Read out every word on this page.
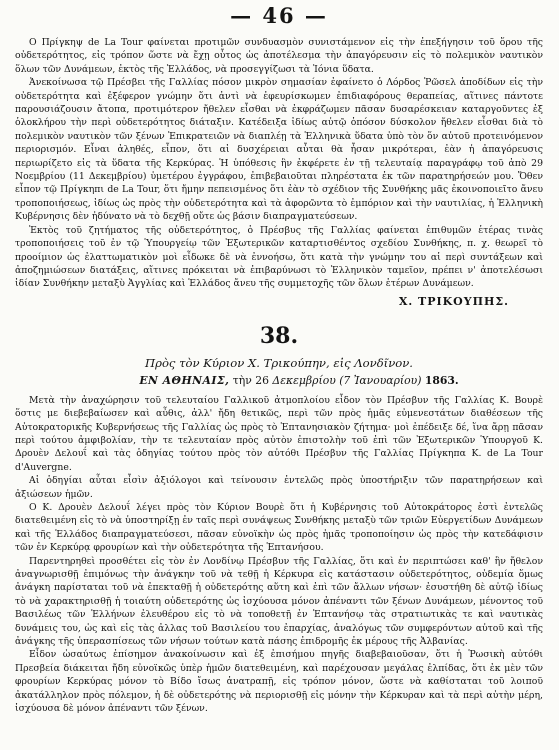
— 46 —

Ο Πρίγκηψ de La Tour φαίνεται προτιμῶν συνδυασμὸν συνιστάμενον εἰς τὴν ἐπεξήγησιν τοῦ ὅρου τῆς οὐδετερότητος, εἰς τρόπον ὥστε νὰ ἔχῃ οὗτος ὡς ἀποτέλεσμα τὴν ἀπαγόρευσιν εἰς τὸ πολεμικὸν ναυτικὸν ὅλων τῶν Δυνάμεων, ἐκτὸς τῆς Ἑλλάδος, νὰ προσεγγίζωσι τὰ Ἰόνια ὕδατα.

Ἀνεκοίνωσα τῷ Πρέσβει τῆς Γαλλίας πόσον μικρὸν σημασίαν ἐφαίνετο ὁ Λόρδος Ῥῶσελ ἀποδίδων εἰς τὴν οὐδετερότητα καὶ ἐξέφερον γνώμην ὅτι ἀντὶ νὰ ἐφευρίσκωμεν ἐπιδιαφόρους θεραπείας, αἵτινες πάντοτε παρουσιάζουσιν ἄτοπα, προτιμότερον ἤθελεν εἶσθαι νὰ ἐκφράζωμεν πᾶσαν δυσαρέσκειαν καταργοῦντες ἐξ ὁλοκλήρου τὴν περὶ οὐδετερότητος διάταξιν. Κατέδειξα ἰδίως αὐτῷ ὁπόσον δύσκολον ἤθελεν εἶσθαι διὰ τὸ πολεμικὸν ναυτικὸν τῶν ξένων Ἐπικρατειῶν νὰ διαπλέῃ τὰ Ἑλληνικὰ ὕδατα ὑπὸ τὸν ὅν αὐτοῦ προτεινόμενον περιορισμόν. Εἶναι ἀληθές, εἶπον, ὅτι αἱ δυσχέρειαι αὗται θὰ ἦσαν μικρότεραι, ἐὰν ἡ ἀπαγόρευσις περιωρίζετο εἰς τὰ ὕδατα τῆς Κερκύρας. Ἡ ὑπόθεσις ἣν ἐκφέρετε ἐν τῇ τελευταίᾳ παραγράφῳ τοῦ ἀπὸ 29 Νοεμβρίου (11 Δεκεμβρίου) ὑμετέρου ἐγγράφου, ἐπιβεβαιοῦται πληρέστατα ἐκ τῶν παρατηρήσεών μου. Ὅθεν εἶπον τῷ Πρίγκηπι de La Tour, ὅτι ἤμην πεπεισμένος ὅτι ἐὰν τὸ σχέδιον τῆς Συνθήκης μᾶς ἐκοινοποιεῖτο ἄνευ τροποποιήσεως, ἰδίως ὡς πρὸς τὴν οὐδετερότητα καὶ τὰ ἀφορῶντα τὸ ἐμπόριον καὶ τὴν ναυτιλίας, ἡ Ἑλληνικὴ Κυβέρνησις δὲν ἠδύνατο νὰ τὸ δεχθῇ οὔτε ὡς βάσιν διαπραγματεύσεων.

Ἐκτὸς τοῦ ζητήματος τῆς οὐδετερότητος, ὁ Πρέσβυς τῆς Γαλλίας φαίνεται ἐπιθυμῶν ἑτέρας τινὰς τροποποιήσεις τοῦ ἐν τῷ Ὑπουργείῳ τῶν Ἐξωτερικῶν καταρτισθέντος σχεδίου Συνθήκης, π. χ. θεωρεῖ τὸ προοίμιον ὡς ἐλαττωματικὸν μοὶ εἶδωκε δὲ νὰ ἐννοήσω, ὅτι κατὰ τὴν γνώμην του αἱ περὶ συντάξεων καὶ ἀποζημιώσεων διατάξεις, αἵτινες πρόκειται νὰ ἐπιβαρύνωσι τὸ Ἑλληνικὸν ταμεῖον, πρέπει ν' ἀποτελέσωσι ἰδίαν Συνθήκην μεταξὺ Ἀγγλίας καὶ Ἑλλάδος ἄνευ τῆς συμμετοχῆς τῶν ὅλων ἑτέρων Δυνάμεων.

Χ. ΤΡΙΚΟΥΠΗΣ.
38.
Πρὸς τὸν Κύριον Χ. Τρικούπην, εἰς Λονδῖνον.
ΕΝ ΑΘΗΝΑΙΣ, τὴν 26 Δεκεμβρίου (7 Ἰανουαρίου) 1863.

Μετὰ τὴν ἀναχώρησιν τοῦ τελευταίου Γαλλικοῦ ἀτμοπλοίου εἶδον τὸν Πρέσβυν τῆς Γαλλίας Κ. Βουρὲ ὅστις με διεβεβαίωσεν καὶ αὖθις, ἀλλ' ἤδη θετικῶς, περὶ τῶν πρὸς ἡμᾶς εὐμενεστάτων διαθέσεων τῆς Αὐτοκρατορικῆς Κυβερνήσεως τῆς Γαλλίας ὡς πρὸς τὸ Ἑπτανησιακὸν ζήτημα· μοὶ ἐπέδειξε δέ, ἵνα ἄρῃ πᾶσαν περὶ τούτου ἀμφιβολίαν, τὴν τε τελευταίαν πρὸς αὐτὸν ἐπιστολὴν τοῦ ἐπὶ τῶν Ἐξωτερικῶν Ὑπουργοῦ Κ. Δρουὲν Δελουΐ καὶ τὰς ὁδηγίας τούτου πρὸς τὸν αὐτόθι Πρέσβυν τῆς Γαλλίας Πρίγκηπα Κ. de La Tour d'Auvergne.

Αἱ ὁδηγίαι αὗται εἶσὶν ἀξιόλογοι καὶ τείνουσιν ἐντελῶς πρὸς ὑποστήριξιν τῶν παρατηρήσεων καὶ ἀξιώσεων ἡμῶν.

Ο Κ. Δρουὲν Δελουΐ λέγει πρὸς τὸν Κύριον Βουρὲ ὅτι ἡ Κυβέρνησις τοῦ Αὐτοκράτορος ἐστὶ ἐντελῶς διατεθειμένη εἰς τὸ νὰ ὑποστηρίξῃ ἐν ταῖς περὶ συνάψεως Συνθήκης μεταξὺ τῶν τριῶν Εὐεργετίδων Δυνάμεων καὶ τῆς Ἑλλάδος διαπραγματεύσεσι, πᾶσαν εὐνοϊκὴν ὡς πρὸς ἡμᾶς τροποποίησιν ὡς πρὸς τὴν κατεδάφισιν τῶν ἐν Κερκύρᾳ φρουρίων καὶ τὴν οὐδετερότητα τῆς Ἑπτανήσου.

Παρεντηρηθεὶ προσθέτει εἰς τὸν ἐν Λονδίνῳ Πρέσβυν τῆς Γαλλίας, ὅτι καὶ ἐν περιπτώσει καθ' ἣν ἤθελον ἀναγνωρισθῇ ἐπιμόνως τὴν ἀνάγκην τοῦ νὰ τεθῇ ἡ Κέρκυρα εἰς κατάστασιν οὐδετερότητος, οὐδεμία ὅμως ἀνάγκη παρίσταται τοῦ νὰ ἐπεκταθῇ ἡ οὐδετερότης αὕτη καὶ ἐπὶ τῶν ἄλλων νήσων· ἐσυστήθη δὲ αὐτῷ ἰδίως τὸ νὰ χαρακτηρισθῇ ἡ τοιαύτη οὐδετερότης ὡς ἰσχύουσα μόνον ἀπέναντι τῶν ξένων Δυνάμεων, μένοντος τοῦ Βασιλέως τῶν Ἑλλήνων ἐλευθέρου εἰς τὸ νὰ τοποθετῇ ἐν Ἑπτανήσῳ τὰς στρατιωτικὰς τε καὶ ναυτικὰς δυνάμεις του, ὡς καὶ εἰς τὰς ἀλλας τοῦ Βασιλείου του ἐπαρχίας, ἀναλόγως τῶν συμφερόντων αὐτοῦ καὶ τῆς ἀνάγκης τῆς ὑπερασπίσεως τῶν νήσων τούτων κατὰ πάσης ἐπιδρομῆς ἐκ μέρους τῆς Ἀλβανίας.

Εἶδον ὡσαύτως ἐπίσημον ἀνακοίνωσιν καὶ ἐξ ἐπισήμου πηγῆς διαβεβαιοῦσαν, ὅτι ἡ Ῥωσικὴ αὐτόθι Πρεσβεία διάκειται ἤδη εὐνοϊκῶς ὑπὲρ ἡμῶν διατεθειμένη, καὶ παρέχουσαν μεγάλας ἐλπίδας, ὅτι ἐκ μὲν τῶν φρουρίων Κερκύρας μόνον τὸ Βίδο ἴσως ἀνατραπῇ, εἰς τρόπον μόνον, ὥστε νὰ καθίσταται τοῦ λοιποῦ ἀκατάλληλον πρὸς πόλεμον, ἡ δὲ οὐδετερότης νὰ περιορισθῇ εἰς μόνην τὴν Κέρκυραν καὶ τὰ περὶ αὐτὴν μέρη, ἰσχύουσα δὲ μόνον ἀπέναντι τῶν ξένων.
